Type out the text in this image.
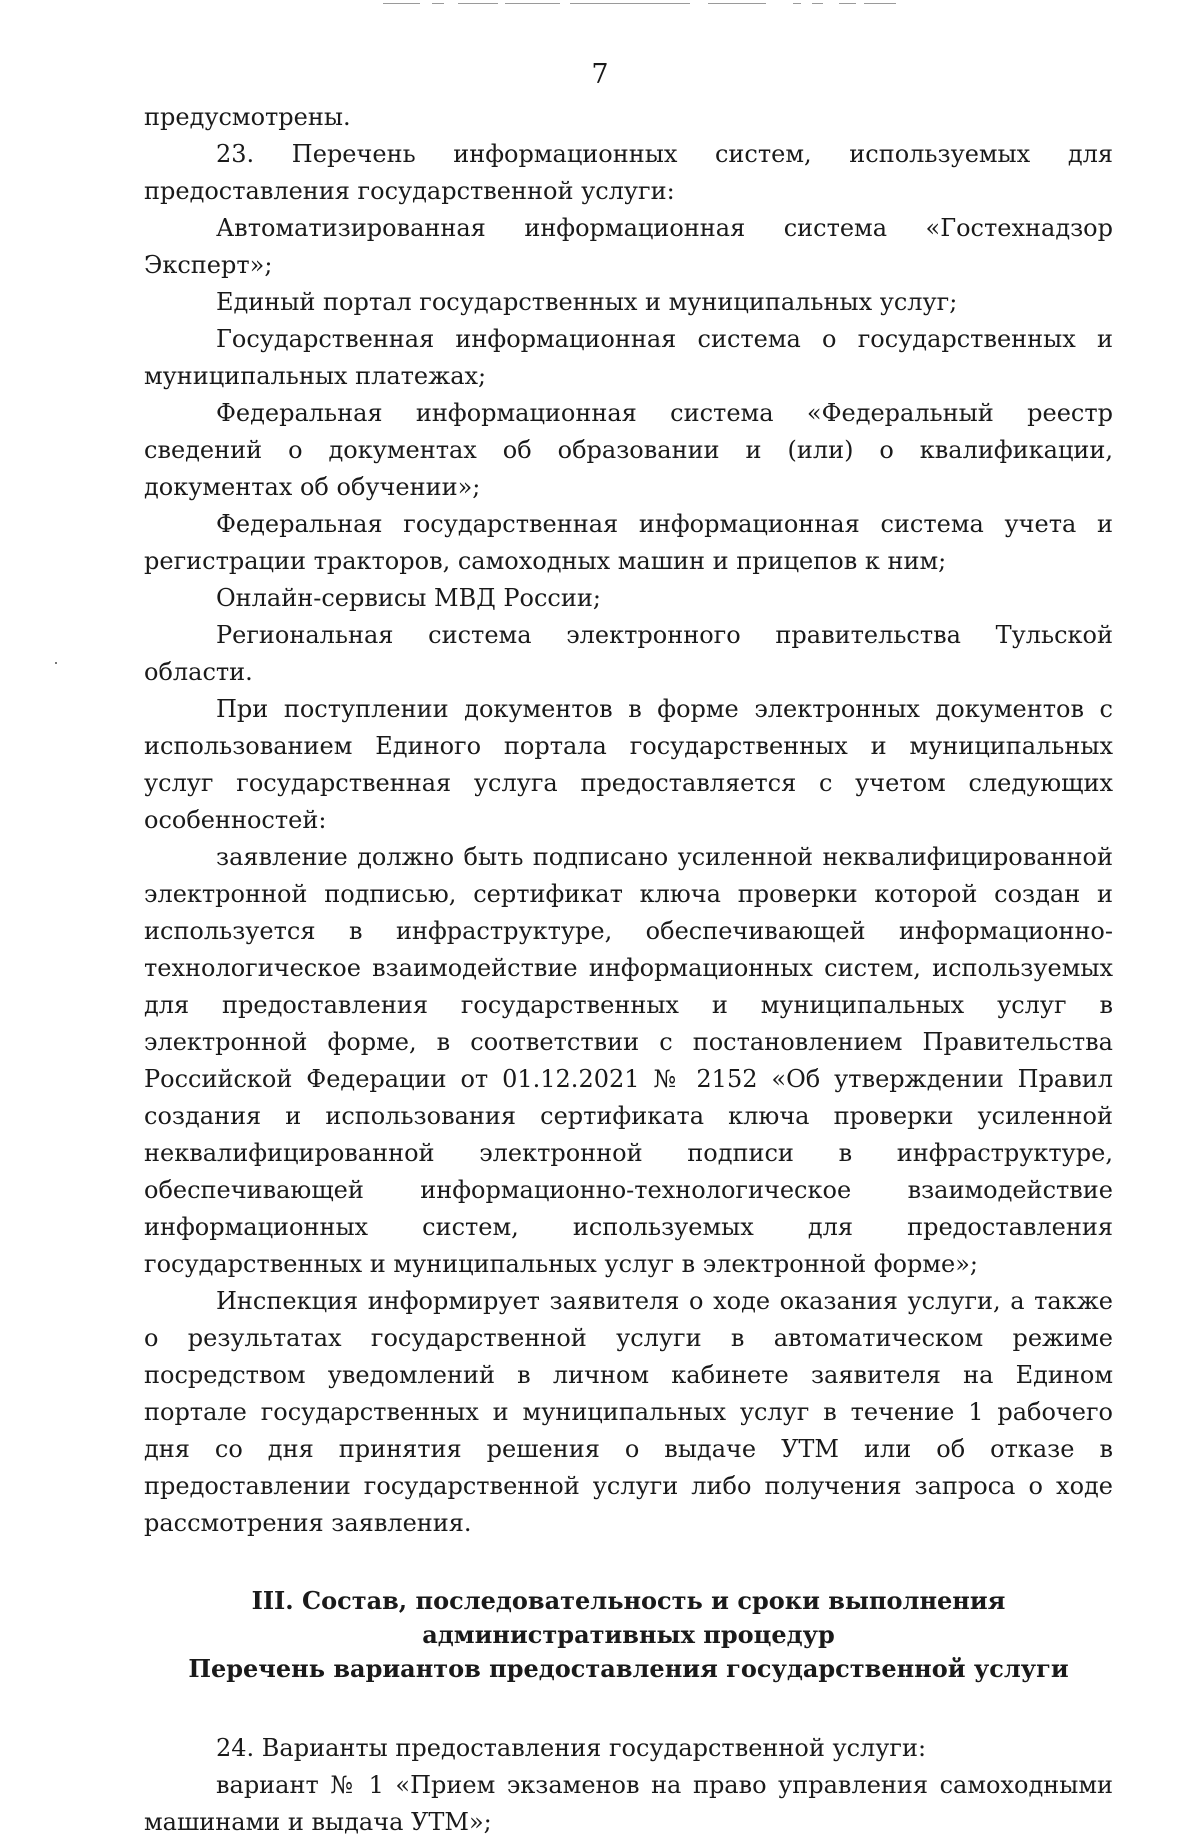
7

предусмотрены.

23. Перечень информационных систем, используемых для предоставления государственной услуги:

Автоматизированная информационная система «Гостехнадзор Эксперт»;

Единый портал государственных и муниципальных услуг;

Государственная информационная система о государственных и муниципальных платежах;

Федеральная информационная система «Федеральный реестр сведений о документах об образовании и (или) о квалификации, документах об обучении»;

Федеральная государственная информационная система учета и регистрации тракторов, самоходных машин и прицепов к ним;

Онлайн-сервисы МВД России;

Региональная система электронного правительства Тульской области.

При поступлении документов в форме электронных документов с использованием Единого портала государственных и муниципальных услуг государственная услуга предоставляется с учетом следующих особенностей:

заявление должно быть подписано усиленной неквалифицированной электронной подписью, сертификат ключа проверки которой создан и используется в инфраструктуре, обеспечивающей информационно-технологическое взаимодействие информационных систем, используемых для предоставления государственных и муниципальных услуг в электронной форме, в соответствии с постановлением Правительства Российской Федерации от 01.12.2021 № 2152 «Об утверждении Правил создания и использования сертификата ключа проверки усиленной неквалифицированной электронной подписи в инфраструктуре, обеспечивающей информационно-технологическое взаимодействие информационных систем, используемых для предоставления государственных и муниципальных услуг в электронной форме»;

Инспекция информирует заявителя о ходе оказания услуги, а также о результатах государственной услуги в автоматическом режиме посредством уведомлений в личном кабинете заявителя на Едином портале государственных и муниципальных услуг в течение 1 рабочего дня со дня принятия решения о выдаче УТМ или об отказе в предоставлении государственной услуги либо получения запроса о ходе рассмотрения заявления.

III. Состав, последовательность и сроки выполнения
административных процедур
Перечень вариантов предоставления государственной услуги

24. Варианты предоставления государственной услуги:

вариант № 1 «Прием экзаменов на право управления самоходными машинами и выдача УТМ»;
